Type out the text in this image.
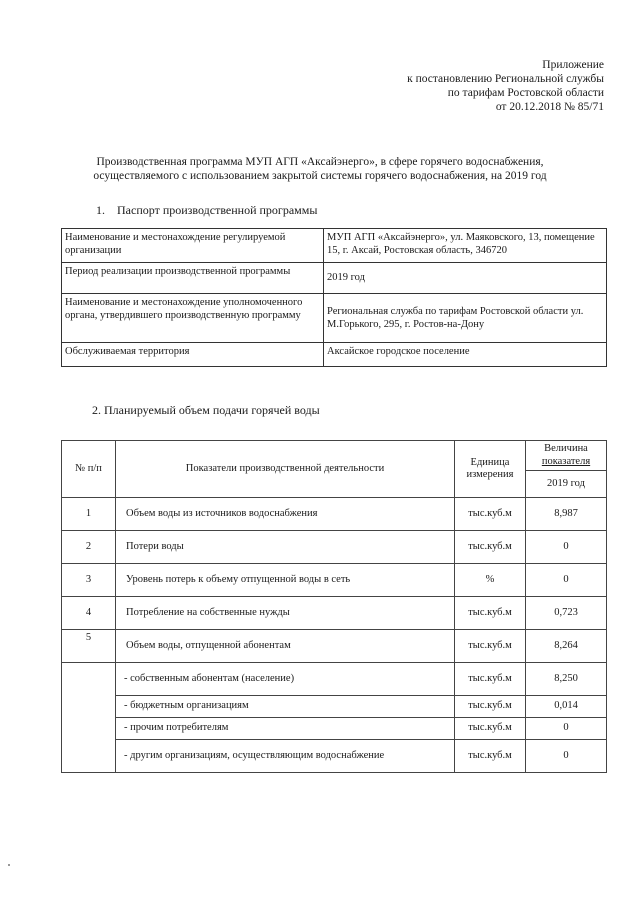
Приложение
к постановлению Региональной службы
по тарифам Ростовской области
от 20.12.2018 № 85/71
Производственная программа МУП АГП «Аксайэнерго», в сфере горячего водоснабжения,
осуществляемого с использованием закрытой системы горячего водоснабжения, на 2019 год
1. Паспорт производственной программы
Наименование и местонахождение регулируемой организации	МУП АГП «Аксайэнерго», ул. Маяковского, 13, помещение 15, г. Аксай, Ростовская область, 346720
Период реализации производственной программы	2019 год
Наименование и местонахождение уполномоченного органа, утвердившего производственную программу	Региональная служба по тарифам Ростовской области ул. М.Горького, 295, г. Ростов-на-Дону
Обслуживаемая территория	Аксайское городское поселение
2. Планируемый объем подачи горячей воды
№ п/п	Показатели производственной деятельности	Единица измерения	Величина
показателя

			2019 год
1	Объем воды из источников водоснабжения	тыс.куб.м	8,987
2	Потери воды	тыс.куб.м	0
3	Уровень потерь к объему отпущенной воды в сеть	%	0
4	Потребление на собственные нужды	тыс.куб.м	0,723
5	Объем воды, отпущенной абонентам	тыс.куб.м	8,264
	- собственным абонентам (население)	тыс.куб.м	8,250
	- бюджетным организациям	тыс.куб.м	0,014
	- прочим потребителям	тыс.куб.м	0
	- другим организациям, осуществляющим водоснабжение	тыс.куб.м	0
